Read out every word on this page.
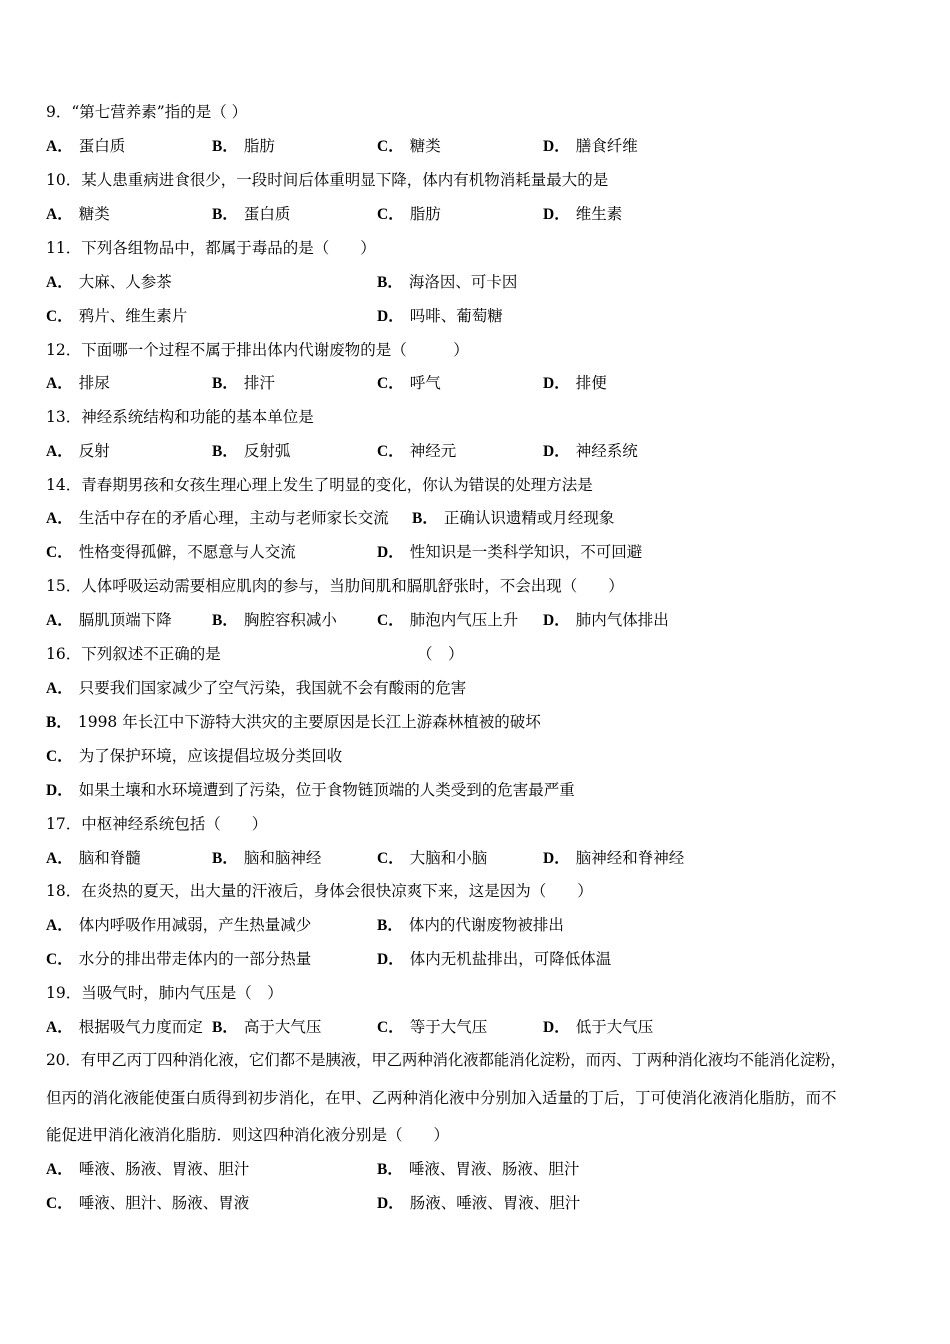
9．“第七营养素”指的是（ ）
A． 蛋白质	B． 脂肪	C． 糖类	D． 膳食纤维
10．某人患重病进食很少，一段时间后体重明显下降，体内有机物消耗量最大的是
A． 糖类	B． 蛋白质	C． 脂肪	D． 维生素
11．下列各组物品中，都属于毒品的是（　　）
A． 大麻、人参茶	B． 海洛因、可卡因
C． 鸦片、维生素片	D． 吗啡、葡萄糖
12．下面哪一个过程不属于排出体内代谢废物的是（　　　）
A． 排尿	B． 排汗	C． 呼气	D． 排便
13．神经系统结构和功能的基本单位是
A． 反射	B． 反射弧	C． 神经元	D． 神经系统
14．青春期男孩和女孩生理心理上发生了明显的变化，你认为错误的处理方法是
A． 生活中存在的矛盾心理，主动与老师家长交流 B． 正确认识遗精或月经现象
C． 性格变得孤僻，不愿意与人交流	D． 性知识是一类科学知识，不可回避
15．人体呼吸运动需要相应肌肉的参与，当肋间肌和膈肌舒张时，不会出现（　　）
A． 膈肌顶端下降	B． 胸腔容积减小	C． 肺泡内气压上升 D． 肺内气体排出
16．下列叙述不正确的是	（　）
A． 只要我们国家减少了空气污染，我国就不会有酸雨的危害
B． 1998 年长江中下游特大洪灾的主要原因是长江上游森林植被的破坏
C． 为了保护环境，应该提倡垃圾分类回收
D． 如果土壤和水环境遭到了污染，位于食物链顶端的人类受到的危害最严重
17．中枢神经系统包括（　　）
A． 脑和脊髓	B． 脑和脑神经	C． 大脑和小脑	D． 脑神经和脊神经
18．在炎热的夏天，出大量的汗液后，身体会很快凉爽下来，这是因为（　　）
A． 体内呼吸作用减弱，产生热量减少	B． 体内的代谢废物被排出
C． 水分的排出带走体内的一部分热量	D． 体内无机盐排出，可降低体温
19．当吸气时，肺内气压是（　）
A． 根据吸气力度而定 B． 高于大气压	C． 等于大气压	D． 低于大气压
20．有甲乙丙丁四种消化液，它们都不是胰液，甲乙两种消化液都能消化淀粉，而丙、丁两种消化液均不能消化淀粉，
但丙的消化液能使蛋白质得到初步消化，在甲、乙两种消化液中分别加入适量的丁后，丁可使消化液消化脂肪，而不
能促进甲消化液消化脂肪．则这四种消化液分别是（　　）
A． 唾液、肠液、胃液、胆汁	B． 唾液、胃液、肠液、胆汁
C． 唾液、胆汁、肠液、胃液	D． 肠液、唾液、胃液、胆汁
